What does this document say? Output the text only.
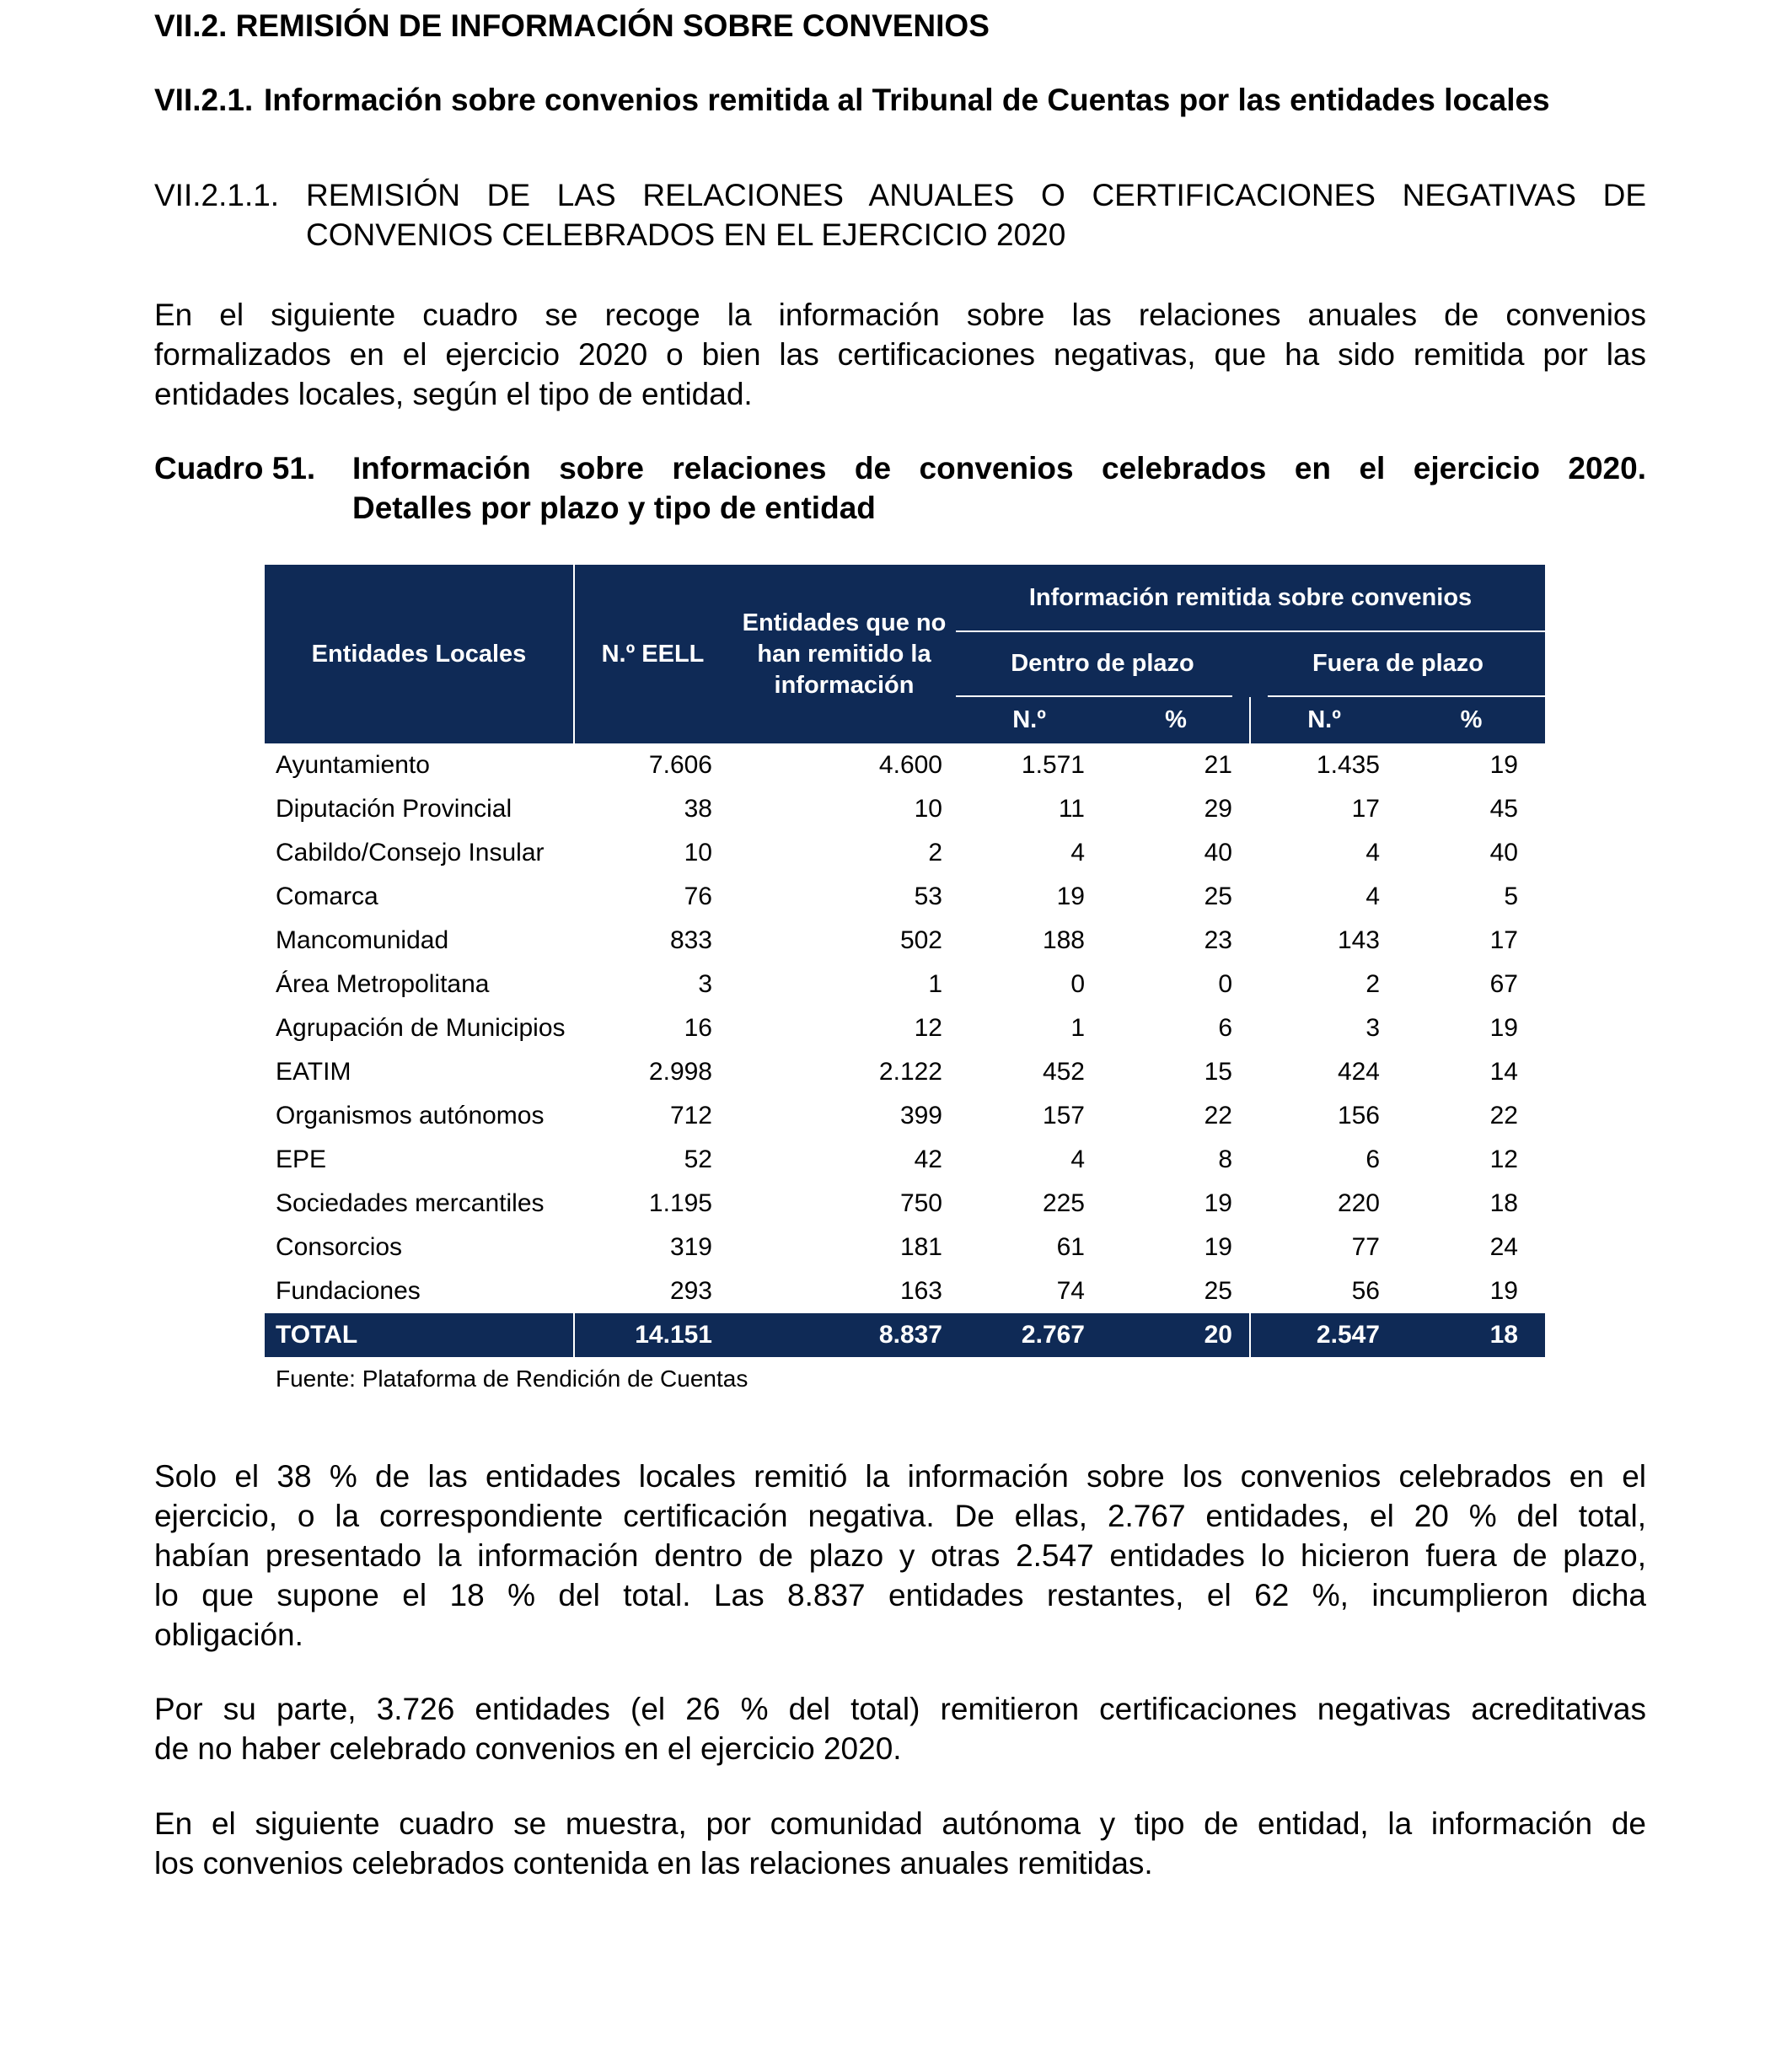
VII.2. REMISIÓN DE INFORMACIÓN SOBRE CONVENIOS
VII.2.1. Información sobre convenios remitida al Tribunal de Cuentas por las entidades locales
VII.2.1.1. REMISIÓN DE LAS RELACIONES ANUALES O CERTIFICACIONES NEGATIVAS DE
CONVENIOS CELEBRADOS EN EL EJERCICIO 2020
En el siguiente cuadro se recoge la información sobre las relaciones anuales de convenios
formalizados en el ejercicio 2020 o bien las certificaciones negativas, que ha sido remitida por las
entidades locales, según el tipo de entidad.
Cuadro 51. Información sobre relaciones de convenios celebrados en el ejercicio 2020.
Detalles por plazo y tipo de entidad
Entidades Locales	N.º EELL
Entidades que no
han remitido la
información
Información remitida sobre convenios
Dentro de plazo	Fuera de plazo
N.º	%	N.º	%
Ayuntamiento	7.606	4.600	1.571	21	1.435	19
Diputación Provincial	38	10	11	29	17	45
Cabildo/Consejo Insular	10	2	4	40	4	40
Comarca	76	53	19	25	4	5
Mancomunidad	833	502	188	23	143	17
Área Metropolitana	3	1	0	0	2	67
Agrupación de Municipios	16	12	1	6	3	19
EATIM	2.998	2.122	452	15	424	14
Organismos autónomos	712	399	157	22	156	22
EPE	52	42	4	8	6	12
Sociedades mercantiles	1.195	750	225	19	220	18
Consorcios	319	181	61	19	77	24
Fundaciones	293	163	74	25	56	19
TOTAL	14.151	8.837	2.767	20	2.547	18
Fuente: Plataforma de Rendición de Cuentas
Solo el 38 % de las entidades locales remitió la información sobre los convenios celebrados en el
ejercicio, o la correspondiente certificación negativa. De ellas, 2.767 entidades, el 20 % del total,
habían presentado la información dentro de plazo y otras 2.547 entidades lo hicieron fuera de plazo,
lo que supone el 18 % del total. Las 8.837 entidades restantes, el 62 %, incumplieron dicha
obligación.
Por su parte, 3.726 entidades (el 26 % del total) remitieron certificaciones negativas acreditativas
de no haber celebrado convenios en el ejercicio 2020.
En el siguiente cuadro se muestra, por comunidad autónoma y tipo de entidad, la información de
los convenios celebrados contenida en las relaciones anuales remitidas.
